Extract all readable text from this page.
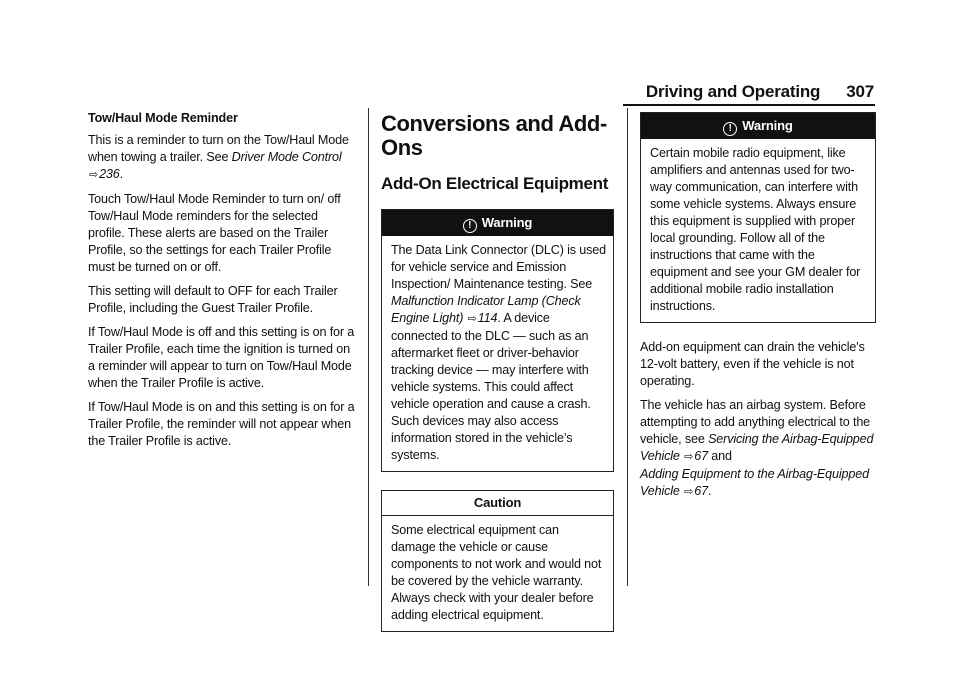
Driving and Operating 307

Tow/Haul Mode Reminder

This is a reminder to turn on the Tow/Haul Mode when towing a trailer. See Driver Mode Control ⇨236.

Touch Tow/Haul Mode Reminder to turn on/ off Tow/Haul Mode reminders for the selected profile. These alerts are based on the Trailer Profile, so the settings for each Trailer Profile must be turned on or off.

This setting will default to OFF for each Trailer Profile, including the Guest Trailer Profile.

If Tow/Haul Mode is off and this setting is on for a Trailer Profile, each time the ignition is turned on a reminder will appear to turn on Tow/Haul Mode when the Trailer Profile is active.

If Tow/Haul Mode is on and this setting is on for a Trailer Profile, the reminder will not appear when the Trailer Profile is active.

Conversions and Add-Ons
Add-On Electrical Equipment
! Warning
The Data Link Connector (DLC) is used for vehicle service and Emission Inspection/ Maintenance testing. See Malfunction Indicator Lamp (Check Engine Light) ⇨114. A device connected to the DLC — such as an aftermarket fleet or driver-behavior tracking device — may interfere with vehicle systems. This could affect vehicle operation and cause a crash. Such devices may also access information stored in the vehicle’s systems.
Caution
Some electrical equipment can damage the vehicle or cause components to not work and would not be covered by the vehicle warranty. Always check with your dealer before adding electrical equipment.
! Warning
Certain mobile radio equipment, like amplifiers and antennas used for two-way communication, can interfere with some vehicle systems. Always ensure this equipment is supplied with proper local grounding. Follow all of the instructions that came with the equipment and see your GM dealer for additional mobile radio installation instructions.

Add-on equipment can drain the vehicle's 12-volt battery, even if the vehicle is not operating.

The vehicle has an airbag system. Before attempting to add anything electrical to the vehicle, see Servicing the Airbag-Equipped Vehicle ⇨67 and
Adding Equipment to the Airbag-Equipped Vehicle ⇨67.
